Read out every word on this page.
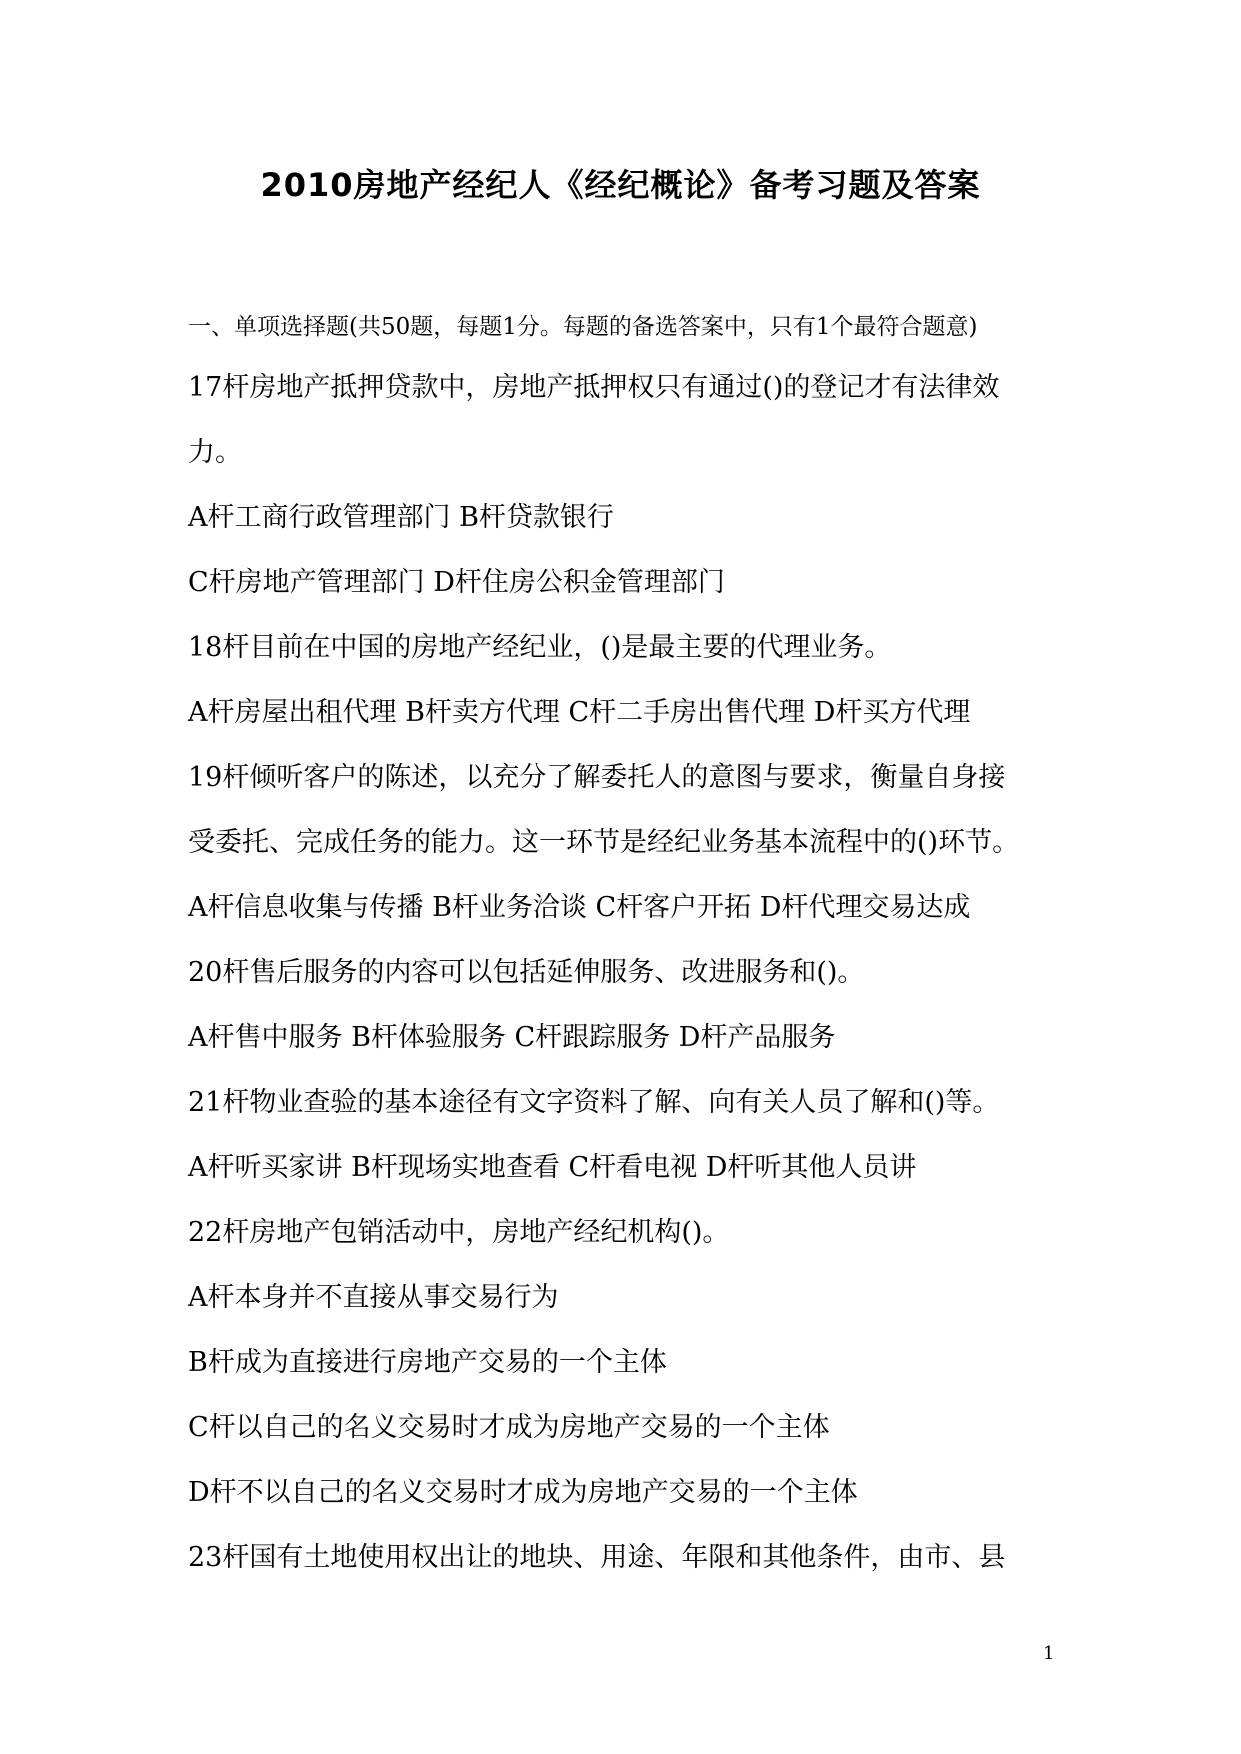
2010房地产经纪人《经纪概论》备考习题及答案
一、单项选择题(共50题，每题1分。每题的备选答案中，只有1个最符合题意)
17杆房地产抵押贷款中，房地产抵押权只有通过()的登记才有法律效
力。
A杆工商行政管理部门 B杆贷款银行
C杆房地产管理部门 D杆住房公积金管理部门
18杆目前在中国的房地产经纪业，()是最主要的代理业务。
A杆房屋出租代理 B杆卖方代理 C杆二手房出售代理 D杆买方代理
19杆倾听客户的陈述，以充分了解委托人的意图与要求，衡量自身接
受委托、完成任务的能力。这一环节是经纪业务基本流程中的()环节。
A杆信息收集与传播 B杆业务洽谈 C杆客户开拓 D杆代理交易达成
20杆售后服务的内容可以包括延伸服务、改进服务和()。
A杆售中服务 B杆体验服务 C杆跟踪服务 D杆产品服务
21杆物业查验的基本途径有文字资料了解、向有关人员了解和()等。
A杆听买家讲 B杆现场实地查看 C杆看电视 D杆听其他人员讲
22杆房地产包销活动中，房地产经纪机构()。
A杆本身并不直接从事交易行为
B杆成为直接进行房地产交易的一个主体
C杆以自己的名义交易时才成为房地产交易的一个主体
D杆不以自己的名义交易时才成为房地产交易的一个主体
23杆国有土地使用权出让的地块、用途、年限和其他条件，由市、县
1
